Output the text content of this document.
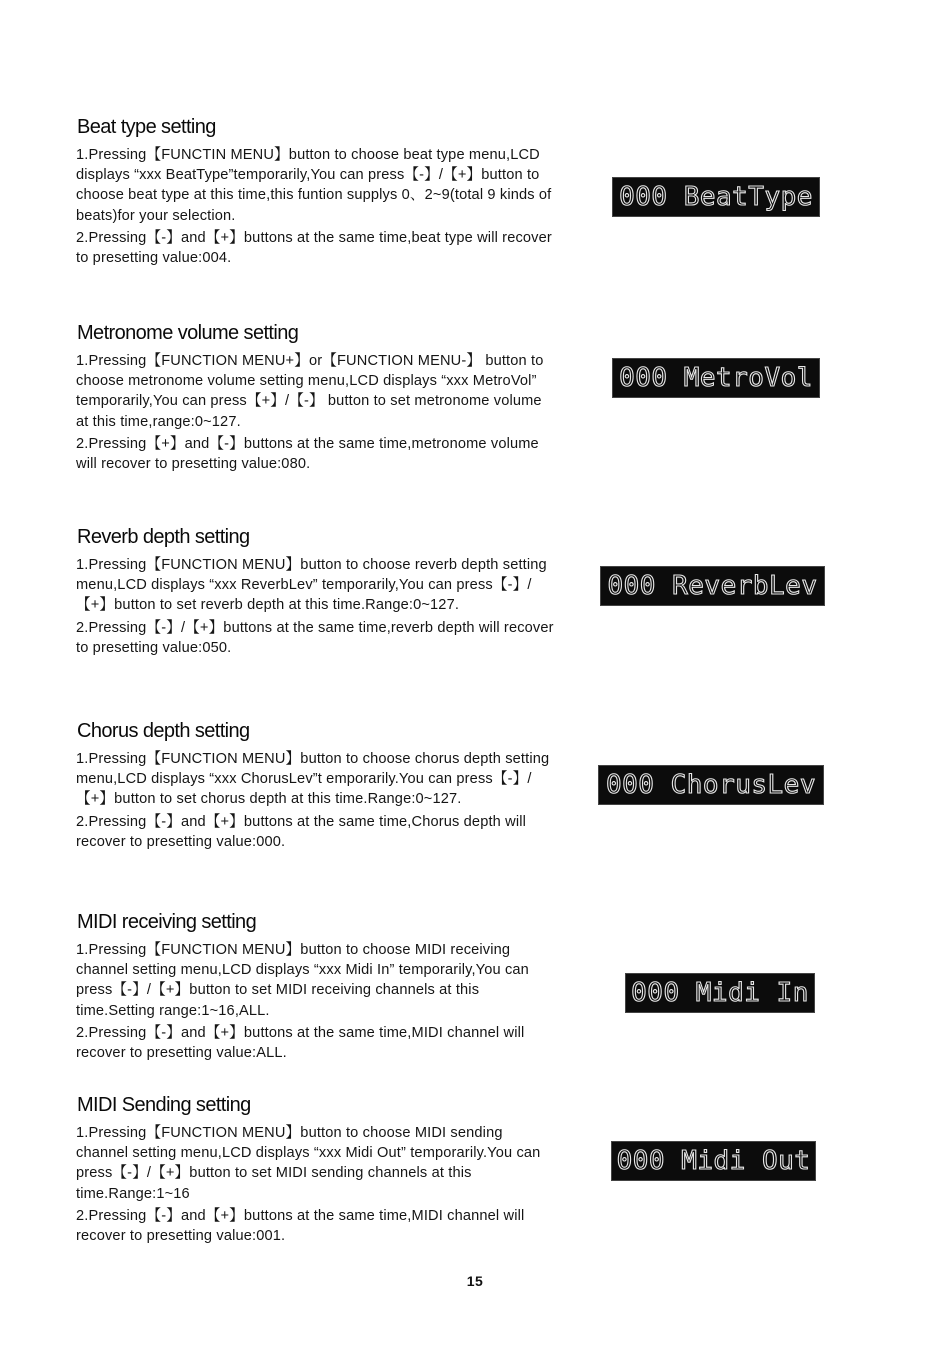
Beat type setting

1.Pressing【FUNCTIN MENU】button to choose beat type menu,LCD displays “xxx BeatType”temporarily,You can press【-】/【+】button to choose beat type at this time,this funtion supplys 0、2~9(total 9 kinds of beats)for your selection.

2.Pressing【-】and【+】buttons at the same time,beat type will recover to presetting value:004.

000 BeatType
Metronome volume setting

1.Pressing【FUNCTION MENU+】or【FUNCTION MENU-】 button to choose metronome volume setting menu,LCD displays “xxx MetroVol” temporarily,You can press【+】/【-】 button to set metronome volume at this time,range:0~127.

2.Pressing【+】and【-】buttons at the same time,metronome volume will recover to presetting value:080.

000 MetroVol
Reverb depth setting

1.Pressing【FUNCTION MENU】button to choose reverb depth setting menu,LCD displays “xxx ReverbLev” temporarily,You can press【-】/【+】button to set reverb depth at this time.Range:0~127.

2.Pressing【-】/【+】buttons at the same time,reverb depth will recover to presetting value:050.

000 ReverbLev
Chorus depth setting

1.Pressing【FUNCTION MENU】button to choose chorus depth setting menu,LCD displays “xxx ChorusLev”t emporarily.You can press【-】/【+】button to set chorus depth at this time.Range:0~127.

2.Pressing【-】and【+】buttons at the same time,Chorus depth will recover to presetting value:000.

000 ChorusLev
MIDI receiving setting

1.Pressing【FUNCTION MENU】button to choose MIDI receiving channel setting menu,LCD displays “xxx Midi In” temporarily,You can press【-】/【+】button to set MIDI receiving channels at this time.Setting range:1~16,ALL.

2.Pressing【-】and【+】buttons at the same time,MIDI channel will recover to presetting value:ALL.

000 Midi In
MIDI Sending setting

1.Pressing【FUNCTION MENU】button to choose MIDI sending channel setting menu,LCD displays “xxx Midi Out” temporarily.You can press【-】/【+】button to set MIDI sending channels at this time.Range:1~16

2.Pressing【-】and【+】buttons at the same time,MIDI channel will recover to presetting value:001.

000 Midi Out
15
